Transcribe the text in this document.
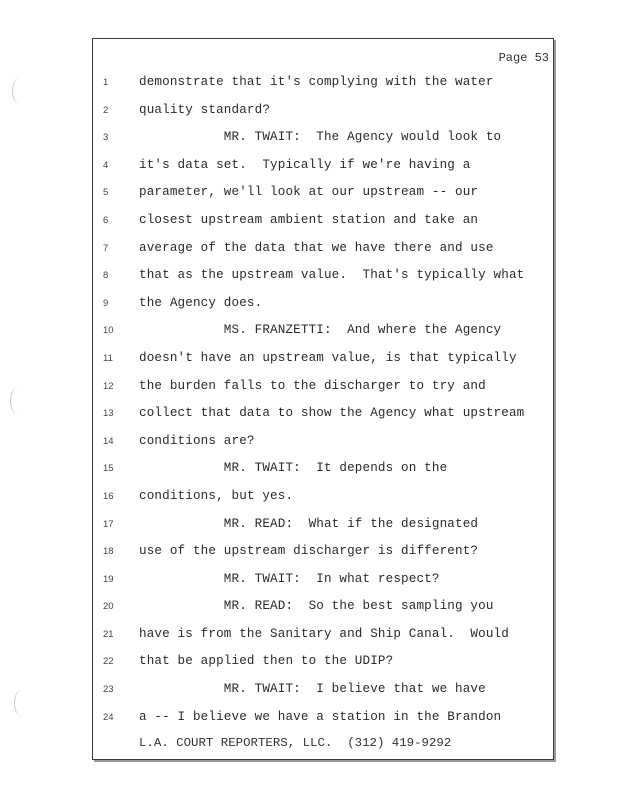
Page 53
1	demonstrate that it's complying with the water
2	quality standard?
3	MR. TWAIT:  The Agency would look to
4	it's data set.  Typically if we're having a
5	parameter, we'll look at our upstream -- our
6	closest upstream ambient station and take an
7	average of the data that we have there and use
8	that as the upstream value.  That's typically what
9	the Agency does.
10	MS. FRANZETTI:  And where the Agency
11	doesn't have an upstream value, is that typically
12	the burden falls to the discharger to try and
13	collect that data to show the Agency what upstream
14	conditions are?
15	MR. TWAIT:  It depends on the
16	conditions, but yes.
17	MR. READ:  What if the designated
18	use of the upstream discharger is different?
19	MR. TWAIT:  In what respect?
20	MR. READ:  So the best sampling you
21	have is from the Sanitary and Ship Canal.  Would
22	that be applied then to the UDIP?
23	MR. TWAIT:  I believe that we have
24	a -- I believe we have a station in the Brandon
L.A. COURT REPORTERS, LLC.  (312) 419-9292
